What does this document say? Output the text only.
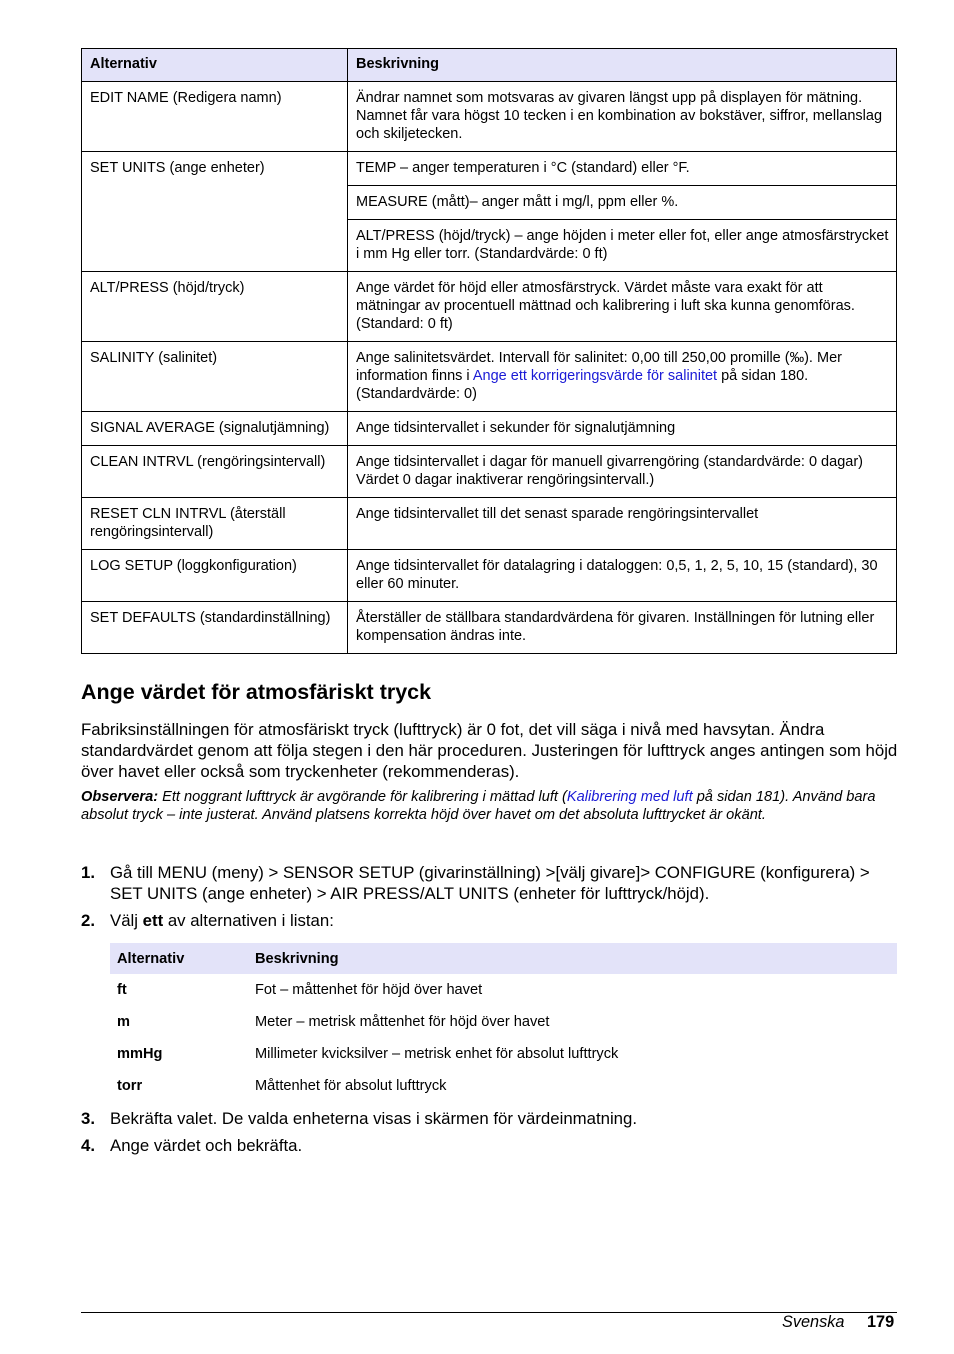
Alternativ	Beskrivning
EDIT NAME (Redigera namn)	Ändrar namnet som motsvaras av givaren längst upp på displayen för mätning. Namnet får vara högst 10 tecken i en kombination av bokstäver, siffror, mellanslag och skiljetecken.
SET UNITS (ange enheter)	TEMP – anger temperaturen i °C (standard) eller °F.
	MEASURE (mått)– anger mått i mg/l, ppm eller %.
	ALT/PRESS (höjd/tryck) – ange höjden i meter eller fot, eller ange atmosfärstrycket i mm Hg eller torr. (Standardvärde: 0 ft)
ALT/PRESS (höjd/tryck)	Ange värdet för höjd eller atmosfärstryck. Värdet måste vara exakt för att mätningar av procentuell mättnad och kalibrering i luft ska kunna genomföras. (Standard: 0 ft)
SALINITY (salinitet)	Ange salinitetsvärdet. Intervall för salinitet: 0,00 till 250,00 promille (‰). Mer information finns i Ange ett korrigeringsvärde för salinitet på sidan 180. (Standardvärde: 0)
SIGNAL AVERAGE (signalutjämning)	Ange tidsintervallet i sekunder för signalutjämning
CLEAN INTRVL (rengöringsintervall)	Ange tidsintervallet i dagar för manuell givarrengöring (standardvärde: 0 dagar) Värdet 0 dagar inaktiverar rengöringsintervall.)
RESET CLN INTRVL (återställ rengöringsintervall)	Ange tidsintervallet till det senast sparade rengöringsintervallet
LOG SETUP (loggkonfiguration)	Ange tidsintervallet för datalagring i dataloggen: 0,5, 1, 2, 5, 10, 15 (standard), 30 eller 60 minuter.
SET DEFAULTS (standardinställning)	Återställer de ställbara standardvärdena för givaren. Inställningen för lutning eller kompensation ändras inte.
Ange värdet för atmosfäriskt tryck

Fabriksinställningen för atmosfäriskt tryck (lufttryck) är 0 fot, det vill säga i nivå med havsytan. Ändra standardvärdet genom att följa stegen i den här proceduren. Justeringen för lufttryck anges antingen som höjd över havet eller också som tryckenheter (rekommenderas).

Observera: Ett noggrant lufttryck är avgörande för kalibrering i mättad luft (Kalibrering med luft på sidan 181). Använd bara absolut tryck – inte justerat. Använd platsens korrekta höjd över havet om det absoluta lufttrycket är okänt.

1. Gå till MENU (meny) > SENSOR SETUP (givarinställning) >[välj givare]> CONFIGURE (konfigurera) > SET UNITS (ange enheter) > AIR PRESS/ALT UNITS (enheter för lufttryck/höjd).
2. Välj ett av alternativen i listan:
Alternativ	Beskrivning
ft	Fot – måttenhet för höjd över havet
m	Meter – metrisk måttenhet för höjd över havet
mmHg	Millimeter kvicksilver – metrisk enhet för absolut lufttryck
torr	Måttenhet för absolut lufttryck
3. Bekräfta valet. De valda enheterna visas i skärmen för värdeinmatning.
4. Ange värdet och bekräfta.
Svenska 179
